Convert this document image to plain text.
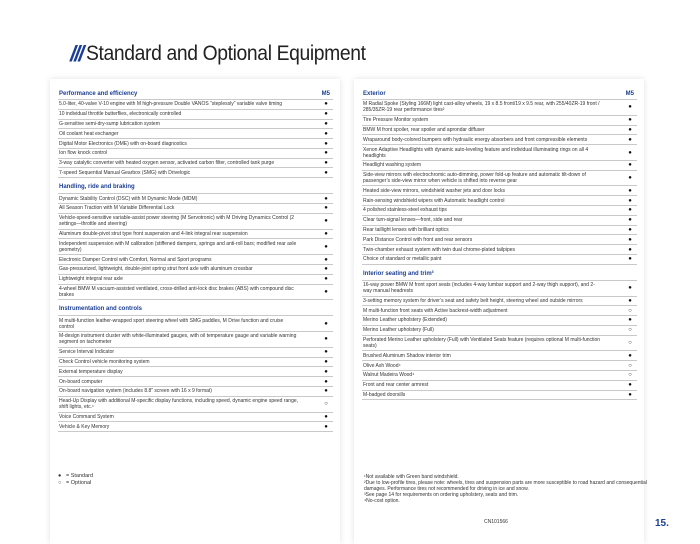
/// Standard and Optional Equipment
Performance and efficiency	M5
5.0-liter, 40-valve V-10 engine with M high-pressure Double VANOS “steplessly” variable valve timing	●
10 individual throttle butterflies, electronically controlled	●
G-sensitive semi-dry-sump lubrication system	●
Oil coolant heat exchanger	●
Digital Motor Electronics (DME) with on-board diagnostics	●
Ion flow knock control	●
3-way catalytic converter with heated oxygen sensor, activated carbon filter, controlled tank purge	●
7-speed Sequential Manual Gearbox (SMG) with Drivelogic	●
Handling, ride and braking
Dynamic Stability Control (DSC) with M Dynamic Mode (MDM)	●
All Season Traction with M Variable Differential Lock	●
Vehicle-speed-sensitive variable-assist power steering (M Servotronic) with M Driving Dynamics Control (2 settings—throttle and steering)	●
Aluminum double-pivot strut type front suspension and 4-link integral rear suspension	●
Independent suspension with M calibration (stiffened dampers, springs and anti-roll bars; modified rear axle geometry)	●
Electronic Damper Control with Comfort, Normal and Sport programs	●
Gas-pressurized, lightweight, double-joint spring strut front axle with aluminum crossbar	●
Lightweight integral rear axle	●
4-wheel BMW M vacuum-assisted ventilated, cross-drilled anti-lock disc brakes (ABS) with compound disc brakes	●
Instrumentation and controls
M multi-function leather-wrapped sport steering wheel with SMG paddles, M Drive function and cruise control	●
M-design instrument cluster with white-illuminated gauges, with oil temperature gauge and variable warning segment on tachometer	●
Service Interval Indicator	●
Check Control vehicle monitoring system	●
External temperature display	●
On-board computer	●
On-board navigation system (includes 8.8" screen with 16 x 9 format)	●
Head-Up Display with additional M-specific display functions, including speed, dynamic engine speed range, shift lights, etc.¹	○
Voice Command System	●
Vehicle & Key Memory	●
Exterior	M5
M Radial Spoke (Styling 166M) light cast-alloy wheels, 19 x 8.5 front/19 x 9.5 rear, with 255/40ZR-19 front / 285/35ZR-19 rear performance tires²	●
Tire Pressure Monitor system	●
BMW M front spoiler, rear spoiler and aprondar diffuser	●
Wraparound body-colored bumpers with hydraulic energy absorbers and front compressible elements	●
Xenon Adaptive Headlights with dynamic auto-leveling feature and individual illuminating rings on all 4 headlights	●
Headlight washing system	●
Side-view mirrors with electrochromic auto-dimming, power fold-up feature and automatic tilt-down of passenger’s side-view mirror when vehicle is shifted into reverse gear	●
Heated side-view mirrors, windshield washer jets and door locks	●
Rain-sensing windshield wipers with Automatic headlight control	●
4 polished stainless-steel exhaust tips	●
Clear turn-signal lenses—front, side and rear	●
Rear taillight lenses with brilliant optics	●
Park Distance Control with front and rear sensors	●
Twin-chamber exhaust system with twin dual chrome-plated tailpipes	●
Choice of standard or metallic paint	●
Interior seating and trim³
16-way power BMW M front sport seats (includes 4-way lumbar support and 2-way thigh support), and 2-way manual headrests	●
3-setting memory system for driver’s seat and safety belt height, steering wheel and outside mirrors	●
M multi-function front seats with Active backrest-width adjustment	○
Merino Leather upholstery (Extended)	●
Merino Leather upholstery (Full)	○
Perforated Merino Leather upholstery (Full) with Ventilated Seats feature (requires optional M multi-function seats)	○
Brushed Aluminum Shadow interior trim	●
Olive Ash Wood⁴	○
Walnut Madeira Wood⁴	○
Front and rear center armrest	●
M-badged doorsills	●
● = Standard
○ = Optional
¹Not available with Green band windshield.
²Due to low-profile tires, please note: wheels, tires and suspension parts are more susceptible to road hazard and consequential damages. Performance tires not recommended for driving in ice and snow.
³See page 14 for requirements on ordering upholstery, seats and trim.
⁴No-cost option.
CN101566	15.
